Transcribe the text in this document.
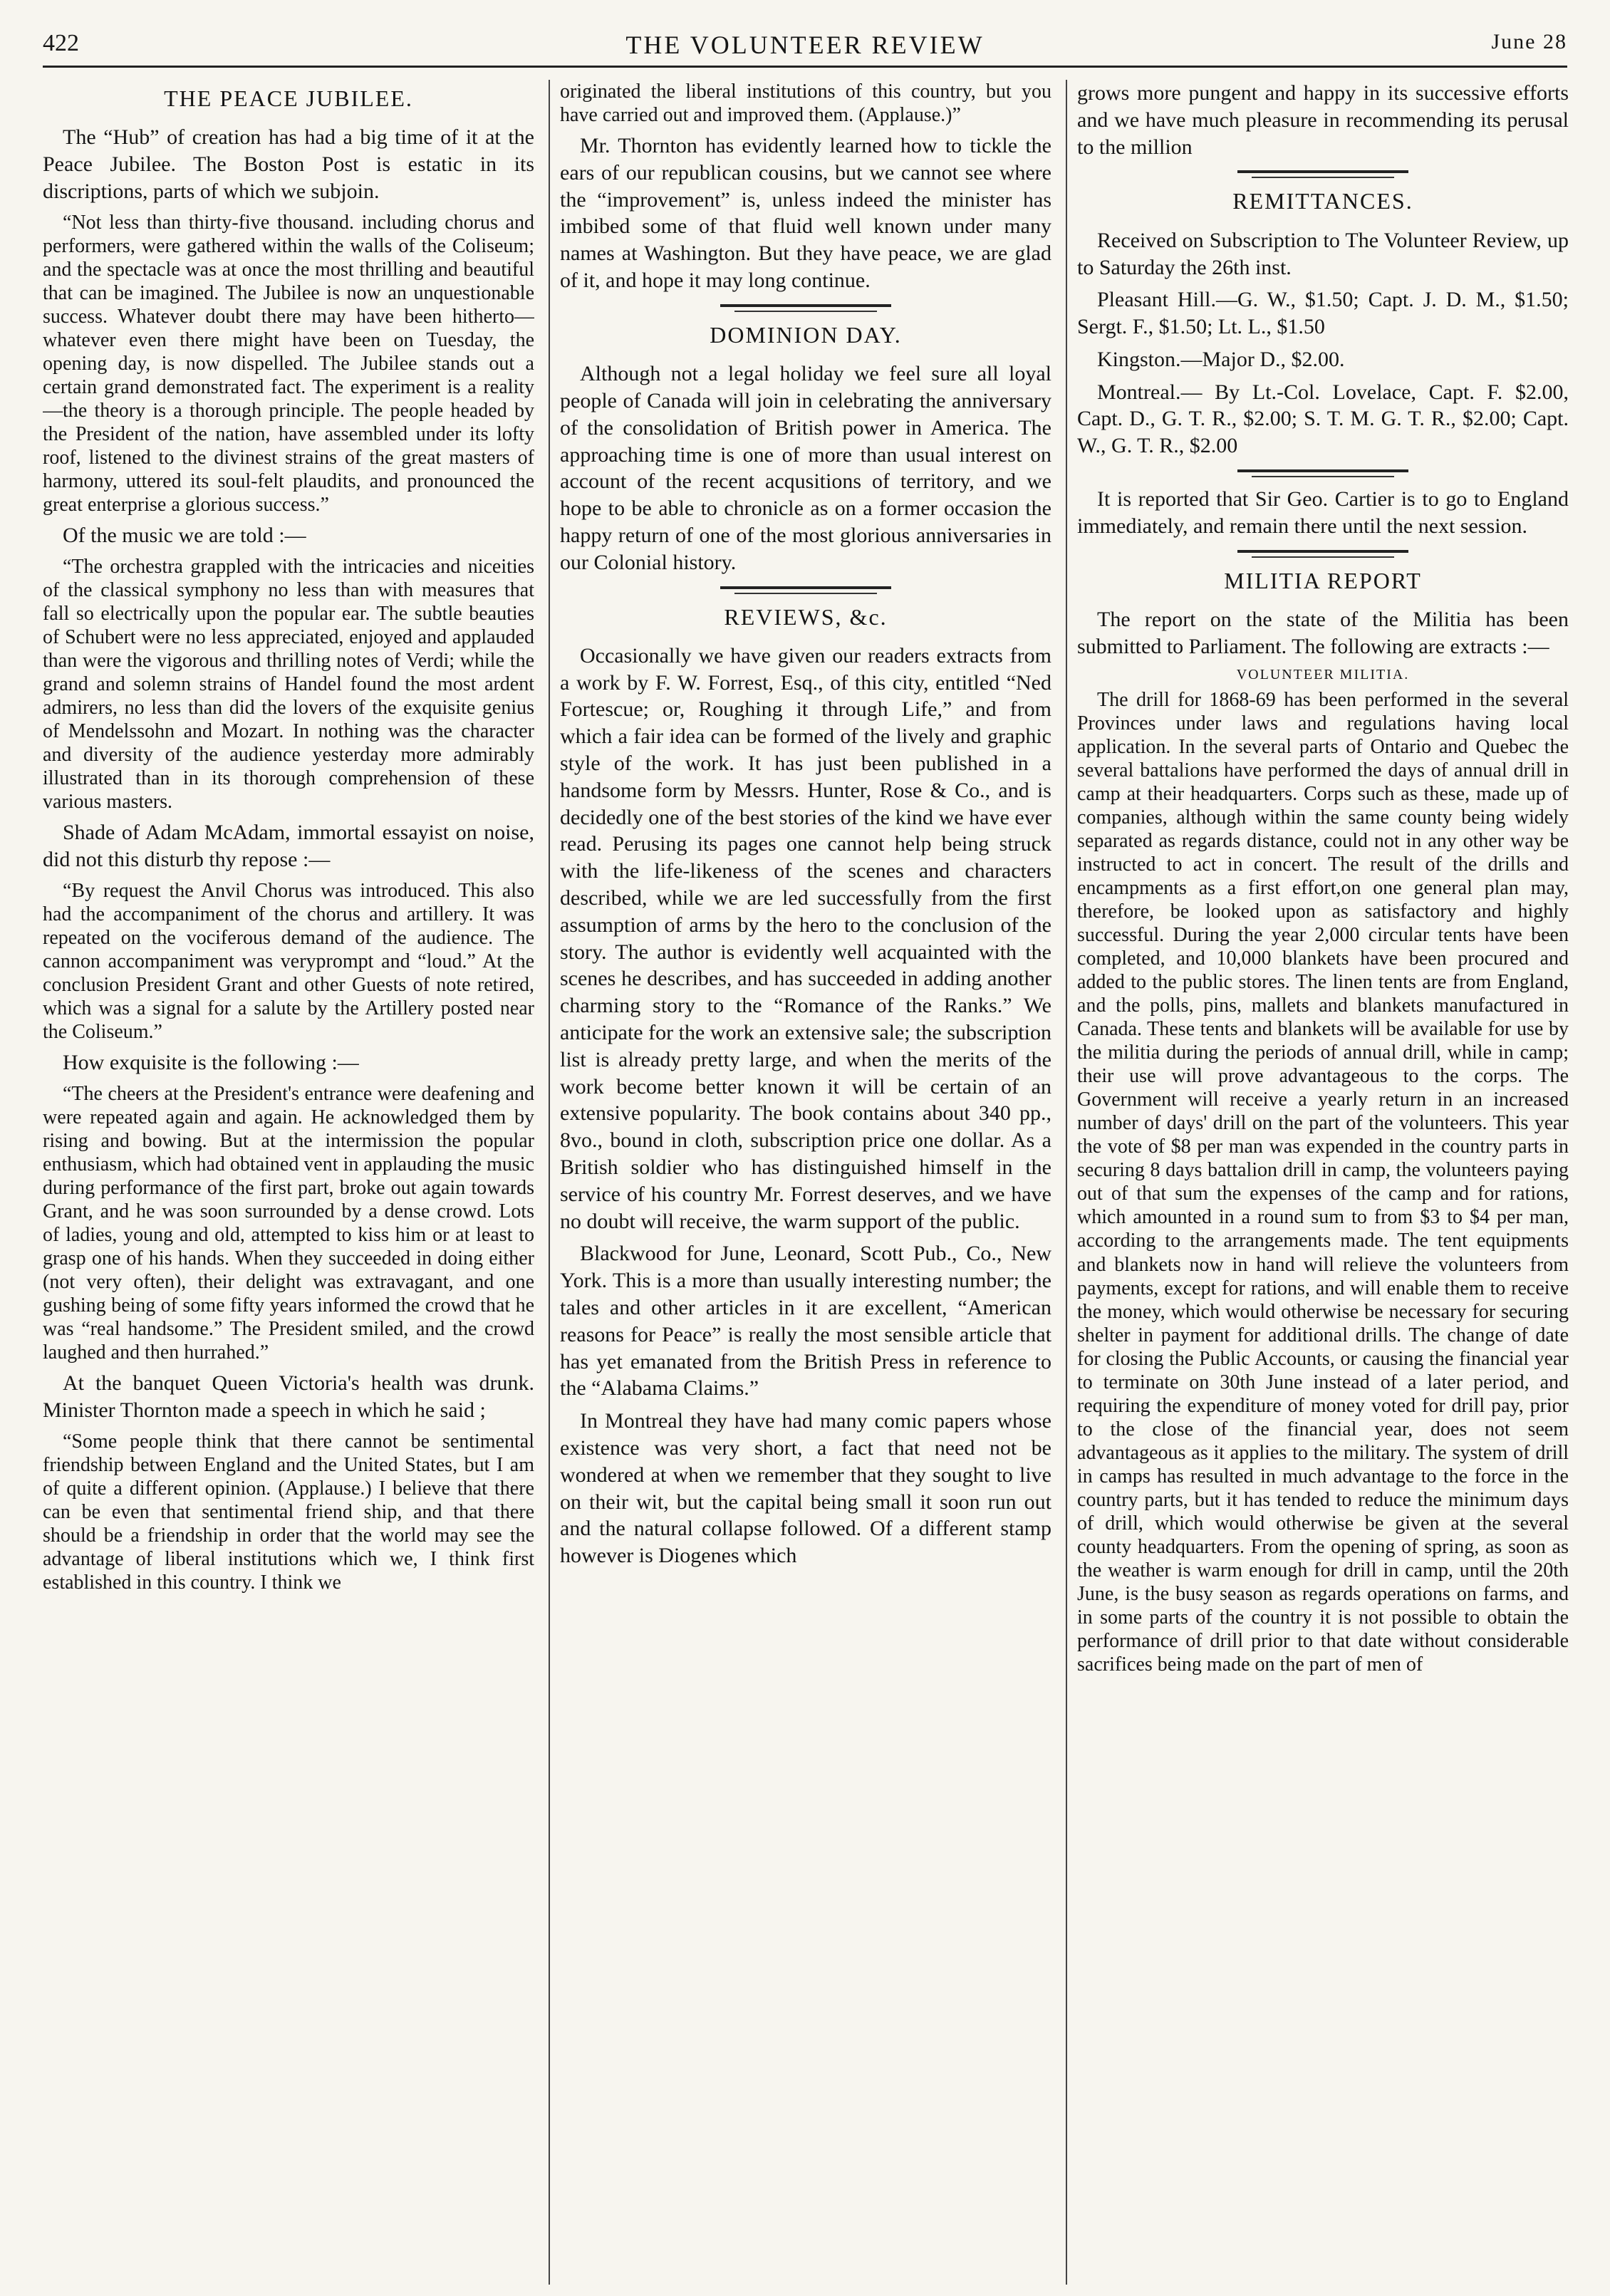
422	THE VOLUNTEER REVIEW	June 28
THE PEACE JUBILEE.

The “Hub” of creation has had a big time of it at the Peace Jubilee. The Boston Post is estatic in its discriptions, parts of which we subjoin.

“Not less than thirty-five thousand. including chorus and performers, were gathered within the walls of the Coliseum; and the spectacle was at once the most thrilling and beautiful that can be imagined. The Jubilee is now an unquestionable success. Whatever doubt there may have been hitherto—whatever even there might have been on Tuesday, the opening day, is now dispelled. The Jubilee stands out a certain grand demonstrated fact. The experiment is a reality—the theory is a thorough principle. The people headed by the President of the nation, have assembled under its lofty roof, listened to the divinest strains of the great masters of harmony, uttered its soul-felt plaudits, and pronounced the great enterprise a glorious success.”

Of the music we are told :—

“The orchestra grappled with the intricacies and niceities of the classical symphony no less than with measures that fall so electrically upon the popular ear. The subtle beauties of Schubert were no less appreciated, enjoyed and applauded than were the vigorous and thrilling notes of Verdi; while the grand and solemn strains of Handel found the most ardent admirers, no less than did the lovers of the exquisite genius of Mendelssohn and Mozart. In nothing was the character and diversity of the audience yesterday more admirably illustrated than in its thorough comprehension of these various masters.

Shade of Adam McAdam, immortal essayist on noise, did not this disturb thy repose :—

“By request the Anvil Chorus was introduced. This also had the accompaniment of the chorus and artillery. It was repeated on the vociferous demand of the audience. The cannon accompaniment was veryprompt and “loud.” At the conclusion President Grant and other Guests of note retired, which was a signal for a salute by the Artillery posted near the Coliseum.”

How exquisite is the following :—

“The cheers at the President's entrance were deafening and were repeated again and again. He acknowledged them by rising and bowing. But at the intermission the popular enthusiasm, which had obtained vent in applauding the music during performance of the first part, broke out again towards Grant, and he was soon surrounded by a dense crowd. Lots of ladies, young and old, attempted to kiss him or at least to grasp one of his hands. When they succeeded in doing either (not very often), their delight was extravagant, and one gushing being of some fifty years informed the crowd that he was “real handsome.” The President smiled, and the crowd laughed and then hurrahed.”

At the banquet Queen Victoria's health was drunk. Minister Thornton made a speech in which he said ;

“Some people think that there cannot be sentimental friendship between England and the United States, but I am of quite a different opinion. (Applause.) I believe that there can be even that sentimental friend ship, and that there should be a friendship in order that the world may see the advantage of liberal institutions which we, I think first established in this country. I think we

originated the liberal institutions of this country, but you have carried out and improved them. (Applause.)”

Mr. Thornton has evidently learned how to tickle the ears of our republican cousins, but we cannot see where the “improvement” is, unless indeed the minister has imbibed some of that fluid well known under many names at Washington. But they have peace, we are glad of it, and hope it may long continue.

DOMINION DAY.

Although not a legal holiday we feel sure all loyal people of Canada will join in celebrating the anniversary of the consolidation of British power in America. The approaching time is one of more than usual interest on account of the recent acqusitions of territory, and we hope to be able to chronicle as on a former occasion the happy return of one of the most glorious anniversaries in our Colonial history.

REVIEWS, &c.

Occasionally we have given our readers extracts from a work by F. W. Forrest, Esq., of this city, entitled “Ned Fortescue; or, Roughing it through Life,” and from which a fair idea can be formed of the lively and graphic style of the work. It has just been published in a handsome form by Messrs. Hunter, Rose & Co., and is decidedly one of the best stories of the kind we have ever read. Perusing its pages one cannot help being struck with the life-likeness of the scenes and characters described, while we are led successfully from the first assumption of arms by the hero to the conclusion of the story. The author is evidently well acquainted with the scenes he describes, and has succeeded in adding another charming story to the “Romance of the Ranks.” We anticipate for the work an extensive sale; the subscription list is already pretty large, and when the merits of the work become better known it will be certain of an extensive popularity. The book contains about 340 pp., 8vo., bound in cloth, subscription price one dollar. As a British soldier who has distinguished himself in the service of his country Mr. Forrest deserves, and we have no doubt will receive, the warm support of the public.

Blackwood for June, Leonard, Scott Pub., Co., New York. This is a more than usually interesting number; the tales and other articles in it are excellent, “American reasons for Peace” is really the most sensible article that has yet emanated from the British Press in reference to the “Alabama Claims.”

In Montreal they have had many comic papers whose existence was very short, a fact that need not be wondered at when we remember that they sought to live on their wit, but the capital being small it soon run out and the natural collapse followed. Of a different stamp however is Diogenes which

grows more pungent and happy in its successive efforts and we have much pleasure in recommending its perusal to the million

REMITTANCES.

Received on Subscription to The Volunteer Review, up to Saturday the 26th inst.

Pleasant Hill.—G. W., $1.50; Capt. J. D. M., $1.50; Sergt. F., $1.50; Lt. L., $1.50

Kingston.—Major D., $2.00.

Montreal.— By Lt.-Col. Lovelace, Capt. F. $2.00, Capt. D., G. T. R., $2.00; S. T. M. G. T. R., $2.00; Capt. W., G. T. R., $2.00

It is reported that Sir Geo. Cartier is to go to England immediately, and remain there until the next session.

MILITIA REPORT

The report on the state of the Militia has been submitted to Parliament. The following are extracts :—

VOLUNTEER MILITIA.

The drill for 1868-69 has been performed in the several Provinces under laws and regulations having local application. In the several parts of Ontario and Quebec the several battalions have performed the days of annual drill in camp at their headquarters. Corps such as these, made up of companies, although within the same county being widely separated as regards distance, could not in any other way be instructed to act in concert. The result of the drills and encampments as a first effort,on one general plan may, therefore, be looked upon as satisfactory and highly successful. During the year 2,000 circular tents have been completed, and 10,000 blankets have been procured and added to the public stores. The linen tents are from England, and the polls, pins, mallets and blankets manufactured in Canada. These tents and blankets will be available for use by the militia during the periods of annual drill, while in camp; their use will prove advantageous to the corps. The Government will receive a yearly return in an increased number of days' drill on the part of the volunteers. This year the vote of $8 per man was expended in the country parts in securing 8 days battalion drill in camp, the volunteers paying out of that sum the expenses of the camp and for rations, which amounted in a round sum to from $3 to $4 per man, according to the arrangements made. The tent equipments and blankets now in hand will relieve the volunteers from payments, except for rations, and will enable them to receive the money, which would otherwise be necessary for securing shelter in payment for additional drills. The change of date for closing the Public Accounts, or causing the financial year to terminate on 30th June instead of a later period, and requiring the expenditure of money voted for drill pay, prior to the close of the financial year, does not seem advantageous as it applies to the military. The system of drill in camps has resulted in much advantage to the force in the country parts, but it has tended to reduce the minimum days of drill, which would otherwise be given at the several county headquarters. From the opening of spring, as soon as the weather is warm enough for drill in camp, until the 20th June, is the busy season as regards operations on farms, and in some parts of the country it is not possible to obtain the performance of drill prior to that date without considerable sacrifices being made on the part of men of
